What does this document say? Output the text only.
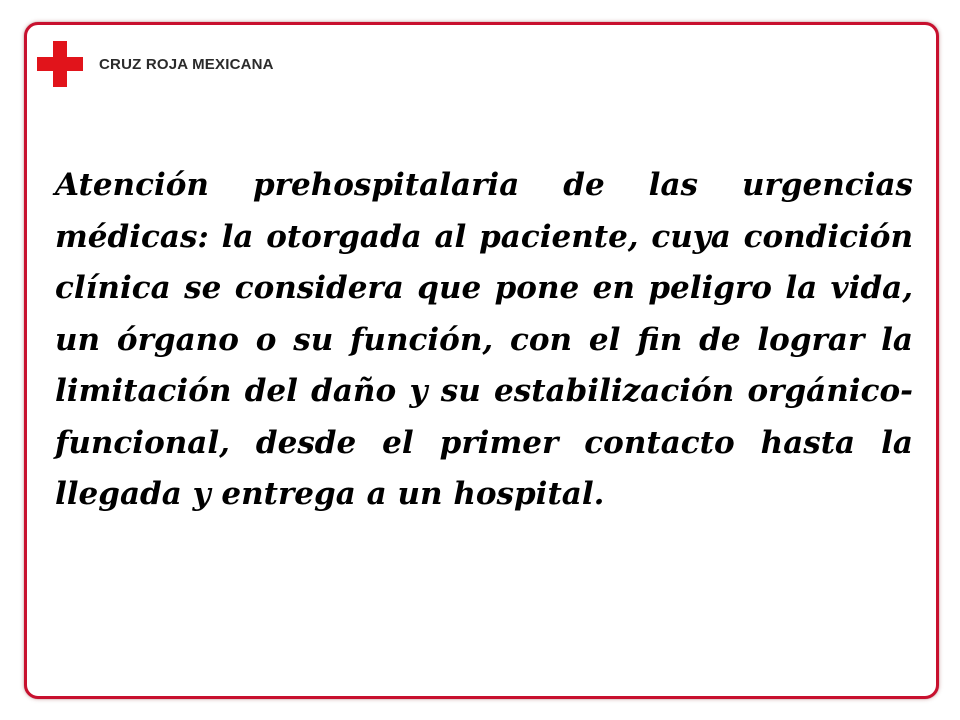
CRUZ ROJA MEXICANA

Atención prehospitalaria de las urgencias médicas: la otorgada al paciente, cuya condición clínica se considera que pone en peligro la vida, un órgano o su función, con el fin de lograr la limitación del daño y su estabilización orgánico-funcional, desde el primer contacto hasta la llegada y entrega a un hospital.
